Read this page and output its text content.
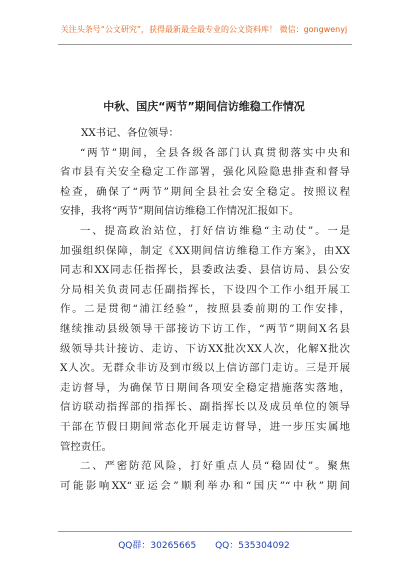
关注头条号“公文研究”，获得最新最全最专业的公文资料库！ 微信：gongwenyj
中秋、国庆“两节”期间信访维稳工作情况
XX书记、各位领导：
“两节”期间，全县各级各部门认真贯彻落实中央和
省市县有关安全稳定工作部署，强化风险隐患排查和督导
检查，确保了“两节”期间全县社会安全稳定。按照议程
安排，我将“两节”期间信访维稳工作情况汇报如下。
一、提高政治站位，打好信访维稳“主动仗”。一是
加强组织保障，制定《XX期间信访维稳工作方案》，由XX
同志和XX同志任指挥长，县委政法委、县信访局、县公安
分局相关负责同志任副指挥长，下设四个工作小组开展工
作。二是贯彻“浦江经验”，按照县委前期的工作安排，
继续推动县级领导干部接访下访工作，“两节”期间X名县
级领导共计接访、走访、下访XX批次XX人次，化解X批次
X人次。无群众非访及到市级以上信访部门走访。三是开展
走访督导，为确保节日期间各项安全稳定措施落实落地，
信访联动指挥部的指挥长、副指挥长以及成员单位的领导
干部在节假日期间常态化开展走访督导，进一步压实属地
管控责任。
二、严密防范风险，打好重点人员“稳固仗”。聚焦
可能影响XX“亚运会”顺利举办和“国庆”“中秋”期间
QQ群：30265665 QQ：535304092
